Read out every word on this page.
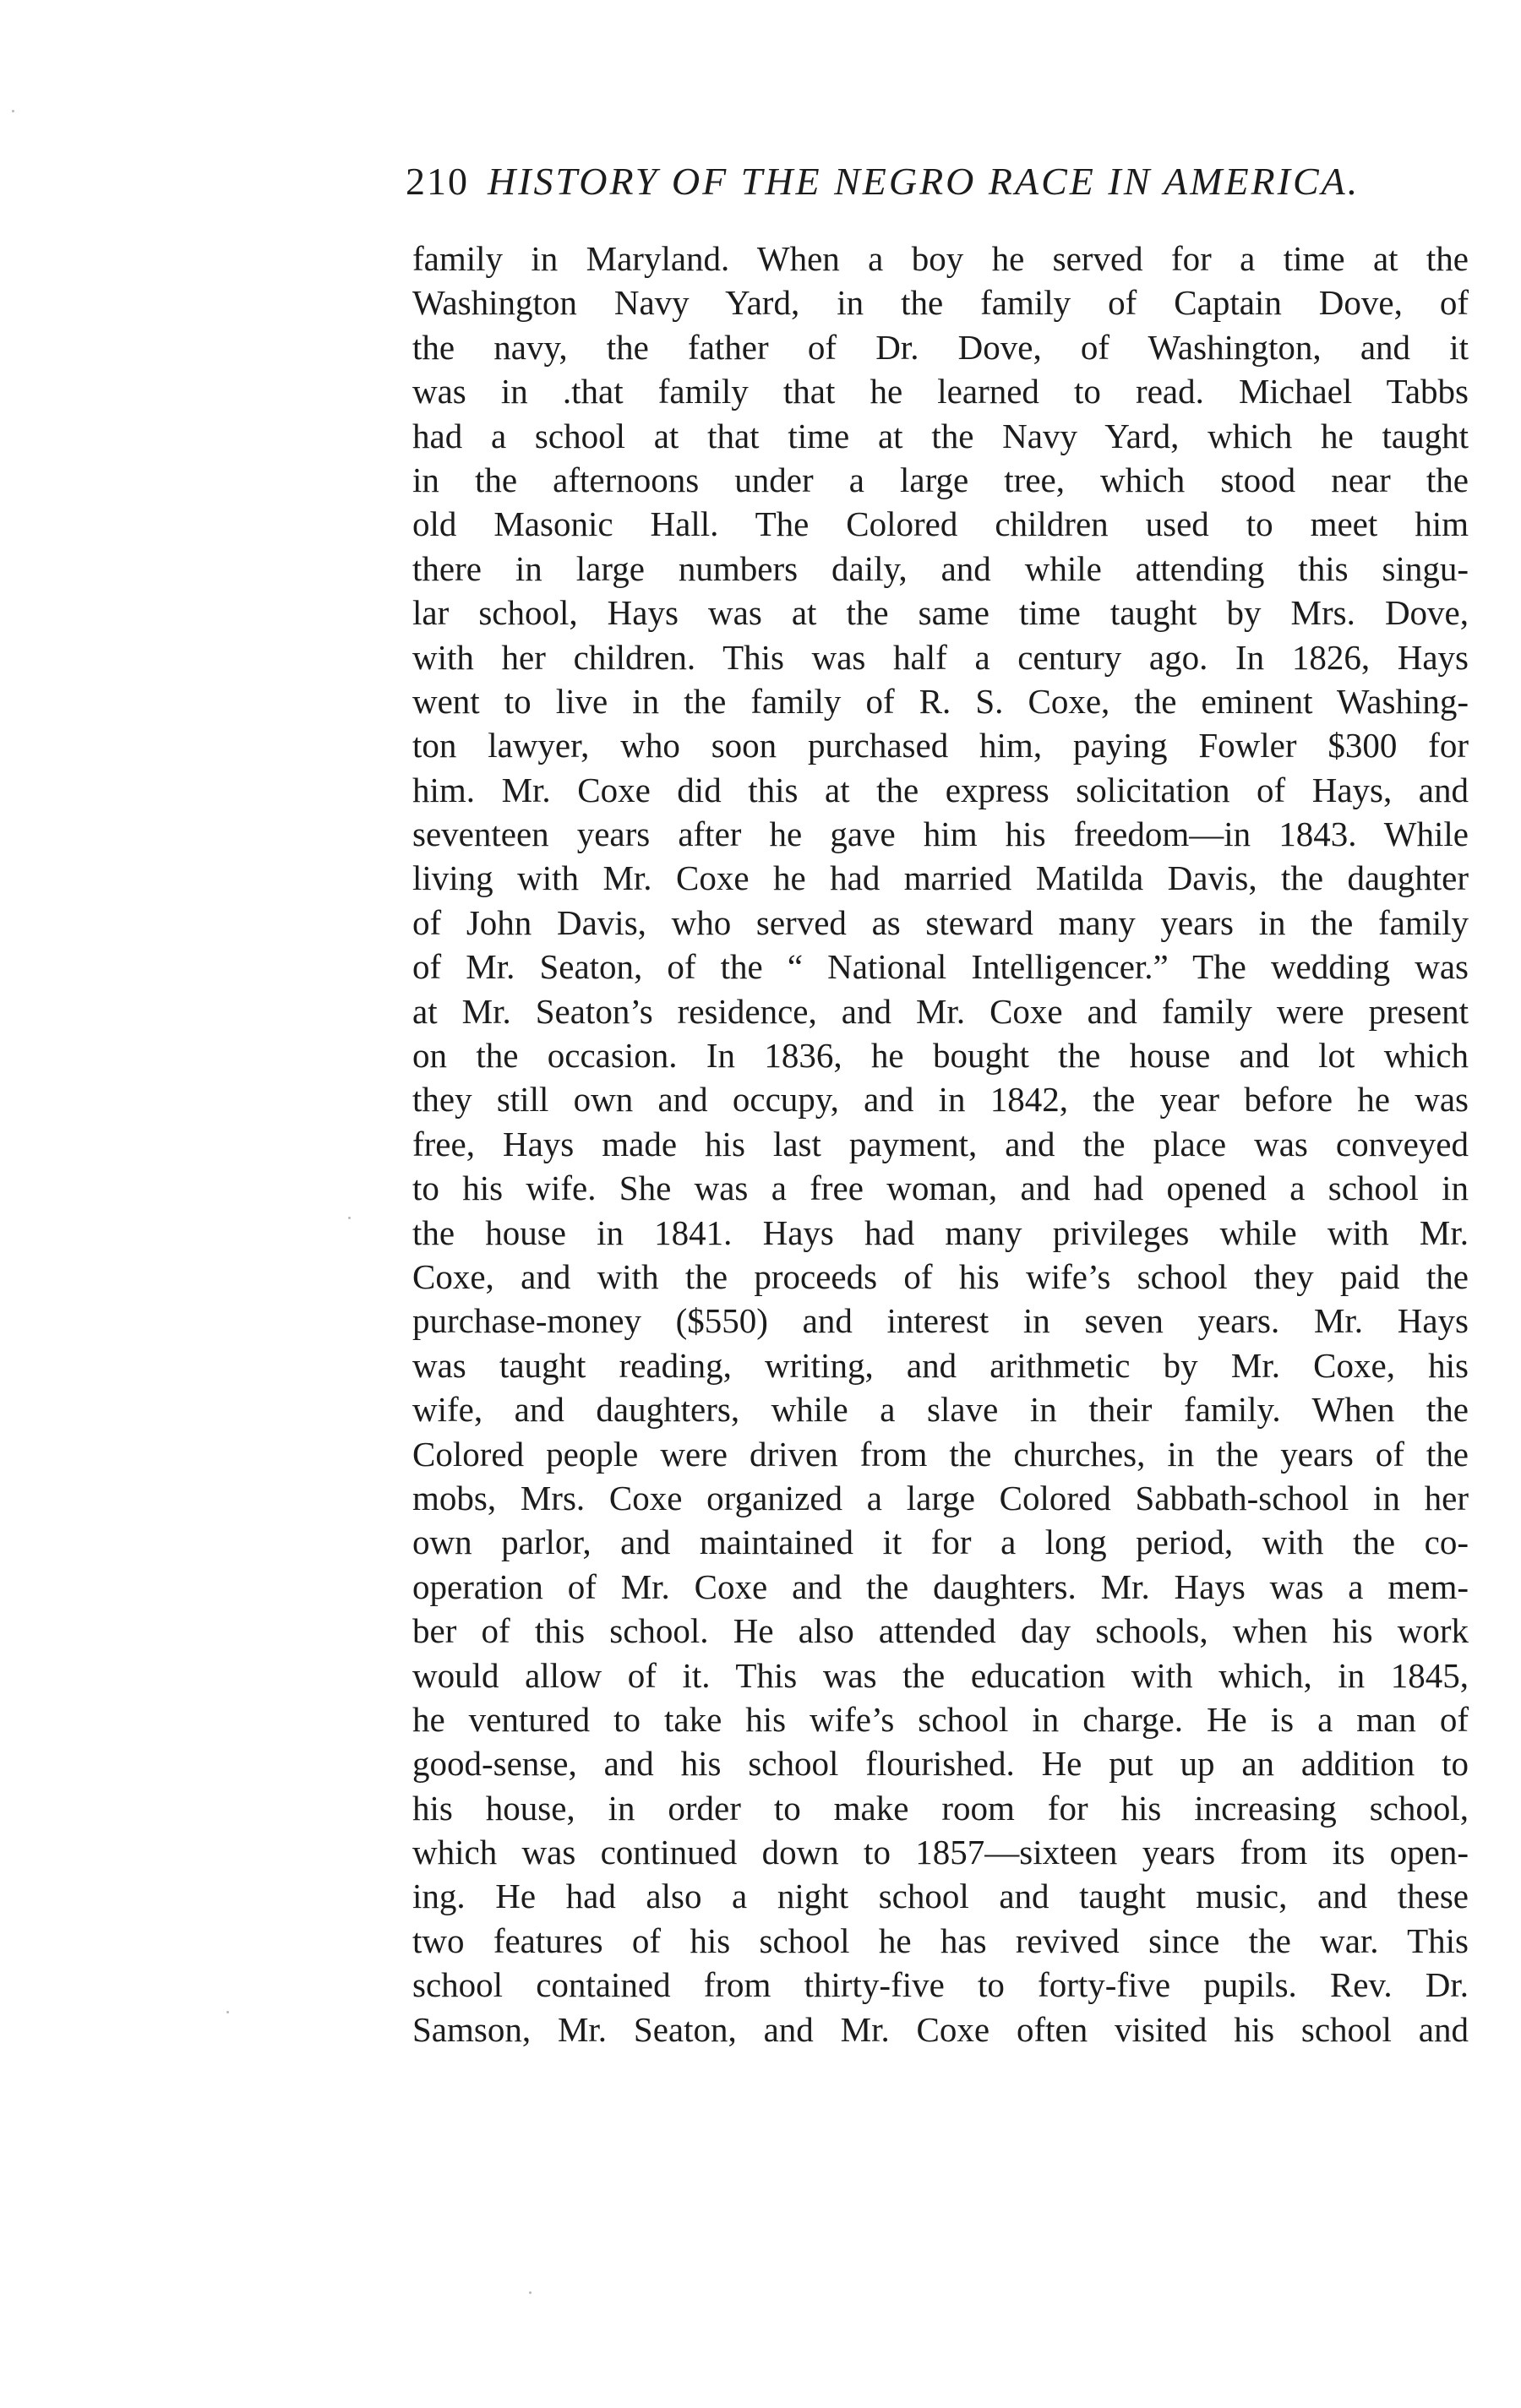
210 HISTORY OF THE NEGRO RACE IN AMERICA.
family in Maryland. When a boy he served for a time at the
Washington Navy Yard, in the family of Captain Dove, of
the navy, the father of Dr. Dove, of Washington, and it
was in .that family that he learned to read. Michael Tabbs
had a school at that time at the Navy Yard, which he taught
in the afternoons under a large tree, which stood near the
old Masonic Hall. The Colored children used to meet him
there in large numbers daily, and while attending this singu-
lar school, Hays was at the same time taught by Mrs. Dove,
with her children. This was half a century ago. In 1826, Hays
went to live in the family of R. S. Coxe, the eminent Washing-
ton lawyer, who soon purchased him, paying Fowler $300 for
him. Mr. Coxe did this at the express solicitation of Hays, and
seventeen years after he gave him his freedom—in 1843. While
living with Mr. Coxe he had married Matilda Davis, the daughter
of John Davis, who served as steward many years in the family
of Mr. Seaton, of the “ National Intelligencer.” The wedding was
at Mr. Seaton’s residence, and Mr. Coxe and family were present
on the occasion. In 1836, he bought the house and lot which
they still own and occupy, and in 1842, the year before he was
free, Hays made his last payment, and the place was conveyed
to his wife. She was a free woman, and had opened a school in
the house in 1841. Hays had many privileges while with Mr.
Coxe, and with the proceeds of his wife’s school they paid the
purchase-money ($550) and interest in seven years. Mr. Hays
was taught reading, writing, and arithmetic by Mr. Coxe, his
wife, and daughters, while a slave in their family. When the
Colored people were driven from the churches, in the years of the
mobs, Mrs. Coxe organized a large Colored Sabbath-school in her
own parlor, and maintained it for a long period, with the co-
operation of Mr. Coxe and the daughters. Mr. Hays was a mem-
ber of this school. He also attended day schools, when his work
would allow of it. This was the education with which, in 1845,
he ventured to take his wife’s school in charge. He is a man of
good-sense, and his school flourished. He put up an addition to
his house, in order to make room for his increasing school,
which was continued down to 1857—sixteen years from its open-
ing. He had also a night school and taught music, and these
two features of his school he has revived since the war. This
school contained from thirty-five to forty-five pupils. Rev. Dr.
Samson, Mr. Seaton, and Mr. Coxe often visited his school and
